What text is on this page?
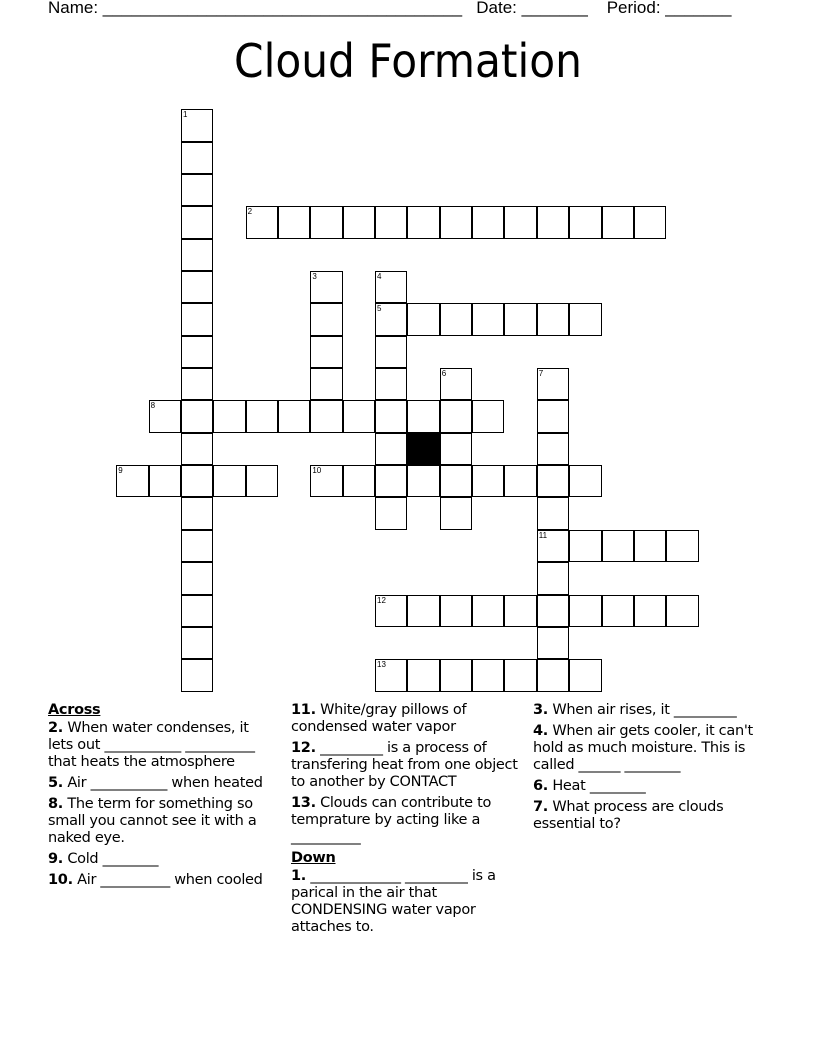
Name: ______________________________________ Date: _______ Period: _______
Cloud Formation
1
2
3	4
5
6	7
11
8
9	10
12
13
Across
2. When water condenses, it lets out ___________ __________ that heats the atmosphere
5. Air ___________ when heated
8. The term for something so small you cannot see it with a naked eye.
9. Cold ________
10. Air __________ when cooled
11. White/gray pillows of condensed water vapor
12. _________ is a process of transfering heat from one object to another by CONTACT
13. Clouds can contribute to temprature by acting like a __________
Down
1. _____________ _________ is a parical in the air that CONDENSING water vapor attaches to.
3. When air rises, it _________
4. When air gets cooler, it can't hold as much moisture. This is called ______ ________
6. Heat ________
7. What process are clouds essential to?
